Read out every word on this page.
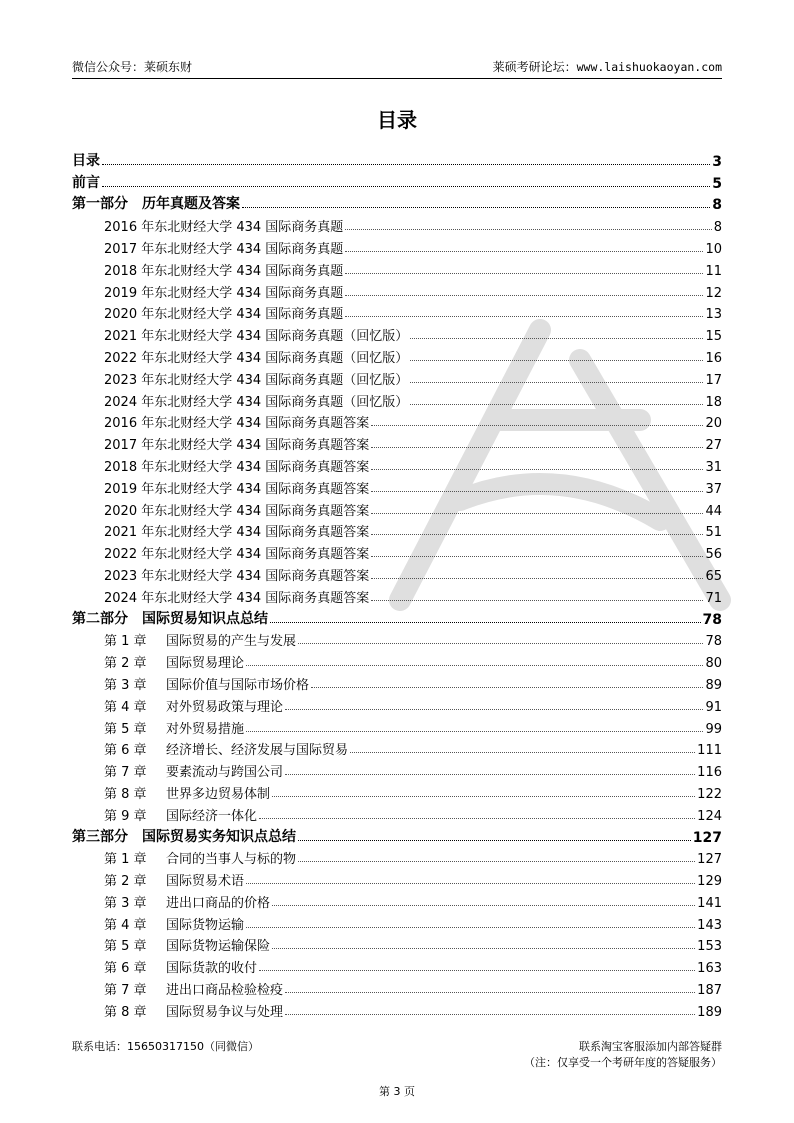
微信公众号：莱硕东财	莱硕考研论坛：www.laishuokaoyan.com
目录
目录	3
前言	5
第一部分　历年真题及答案	8
2016 年东北财经大学 434 国际商务真题	8
2017 年东北财经大学 434 国际商务真题	10
2018 年东北财经大学 434 国际商务真题	11
2019 年东北财经大学 434 国际商务真题	12
2020 年东北财经大学 434 国际商务真题	13
2021 年东北财经大学 434 国际商务真题（回忆版）	15
2022 年东北财经大学 434 国际商务真题（回忆版）	16
2023 年东北财经大学 434 国际商务真题（回忆版）	17
2024 年东北财经大学 434 国际商务真题（回忆版）	18
2016 年东北财经大学 434 国际商务真题答案	20
2017 年东北财经大学 434 国际商务真题答案	27
2018 年东北财经大学 434 国际商务真题答案	31
2019 年东北财经大学 434 国际商务真题答案	37
2020 年东北财经大学 434 国际商务真题答案	44
2021 年东北财经大学 434 国际商务真题答案	51
2022 年东北财经大学 434 国际商务真题答案	56
2023 年东北财经大学 434 国际商务真题答案	65
2024 年东北财经大学 434 国际商务真题答案	71
第二部分　国际贸易知识点总结	78
第 1 章 国际贸易的产生与发展	78
第 2 章 国际贸易理论	80
第 3 章 国际价值与国际市场价格	89
第 4 章 对外贸易政策与理论	91
第 5 章 对外贸易措施	99
第 6 章 经济增长、经济发展与国际贸易	111
第 7 章 要素流动与跨国公司	116
第 8 章 世界多边贸易体制	122
第 9 章 国际经济一体化	124
第三部分　国际贸易实务知识点总结	127
第 1 章 合同的当事人与标的物	127
第 2 章 国际贸易术语	129
第 3 章 进出口商品的价格	141
第 4 章 国际货物运输	143
第 5 章 国际货物运输保险	153
第 6 章 国际货款的收付	163
第 7 章 进出口商品检验检疫	187
第 8 章 国际贸易争议与处理	189
联系电话：15650317150（同微信）	联系淘宝客服添加内部答疑群
（注：仅享受一个考研年度的答疑服务）
第 3 页
